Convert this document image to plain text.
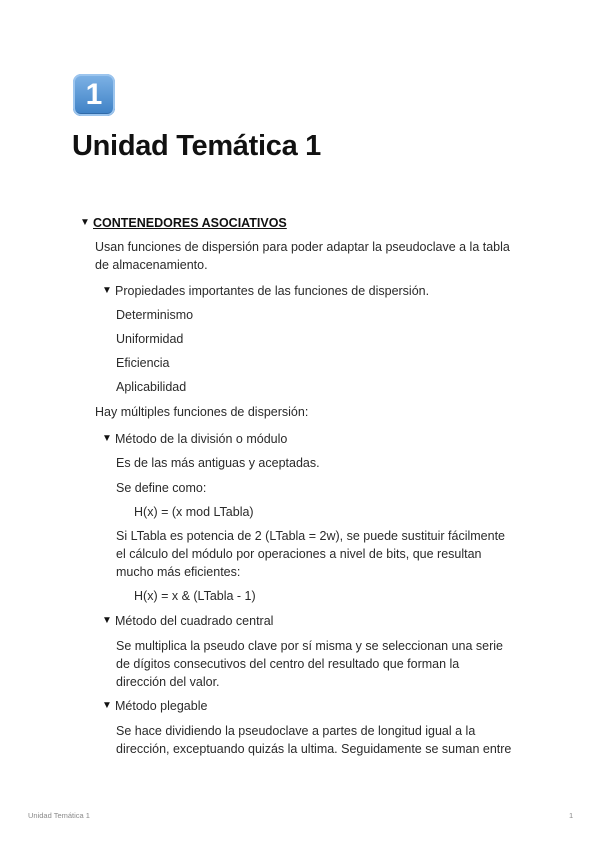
1
Unidad Temática 1
▼ CONTENEDORES ASOCIATIVOS
Usan funciones de dispersión para poder adaptar la pseudoclave a la tabla
de almacenamiento.
▼ Propiedades importantes de las funciones de dispersión.
Determinismo
Uniformidad
Eficiencia
Aplicabilidad
Hay múltiples funciones de dispersión:
▼ Método de la división o módulo
Es de las más antiguas y aceptadas.
Se define como:
H(x) = (x mod LTabla)
Si LTabla es potencia de 2 (LTabla = 2w), se puede sustituir fácilmente
el cálculo del módulo por operaciones a nivel de bits, que resultan
mucho más eficientes:
H(x) = x & (LTabla - 1)
▼ Método del cuadrado central
Se multiplica la pseudo clave por sí misma y se seleccionan una serie
de dígitos consecutivos del centro del resultado que forman la
dirección del valor.
▼ Método plegable
Se hace dividiendo la pseudoclave a partes de longitud igual a la
dirección, exceptuando quizás la ultima. Seguidamente se suman entre
Unidad Temática 1	1
